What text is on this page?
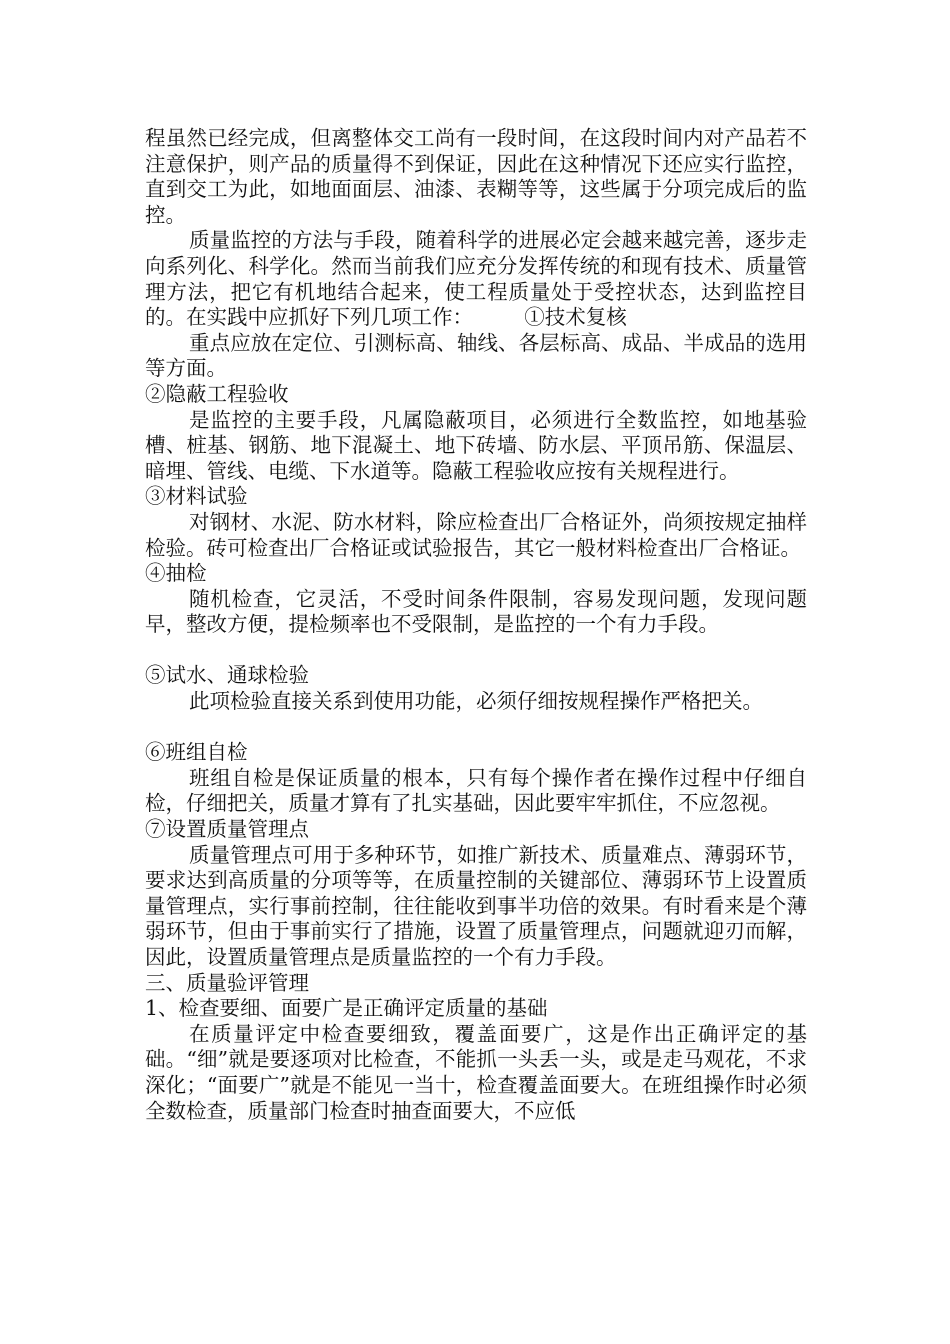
程虽然已经完成，但离整体交工尚有一段时间，在这段时间内对产品若不注意保护，则产品的质量得不到保证，因此在这种情况下还应实行监控，直到交工为此，如地面面层、油漆、表糊等等，这些属于分项完成后的监控。

质量监控的方法与手段，随着科学的进展必定会越来越完善，逐步走向系列化、科学化。然而当前我们应充分发挥传统的和现有技术、质量管理方法，把它有机地结合起来，使工程质量处于受控状态，达到监控目的。在实践中应抓好下列几项工作：　　　①技术复核

重点应放在定位、引测标高、轴线、各层标高、成品、半成品的选用等方面。

②隐蔽工程验收

是监控的主要手段，凡属隐蔽项目，必须进行全数监控，如地基验槽、桩基、钢筋、地下混凝土、地下砖墙、防水层、平顶吊筋、保温层、暗埋、管线、电缆、下水道等。隐蔽工程验收应按有关规程进行。

③材料试验

对钢材、水泥、防水材料，除应检查出厂合格证外，尚须按规定抽样检验。砖可检查出厂合格证或试验报告，其它一般材料检查出厂合格证。

④抽检

随机检查，它灵活，不受时间条件限制，容易发现问题，发现问题早，整改方便，提检频率也不受限制，是监控的一个有力手段。

⑤试水、通球检验

此项检验直接关系到使用功能，必须仔细按规程操作严格把关。

⑥班组自检

班组自检是保证质量的根本，只有每个操作者在操作过程中仔细自检，仔细把关，质量才算有了扎实基础，因此要牢牢抓住，不应忽视。

⑦设置质量管理点

质量管理点可用于多种环节，如推广新技术、质量难点、薄弱环节，要求达到高质量的分项等等，在质量控制的关键部位、薄弱环节上设置质量管理点，实行事前控制，往往能收到事半功倍的效果。有时看来是个薄弱环节，但由于事前实行了措施，设置了质量管理点，问题就迎刃而解，因此，设置质量管理点是质量监控的一个有力手段。

三、质量验评管理

1、检查要细、面要广是正确评定质量的基础

在质量评定中检查要细致，覆盖面要广，这是作出正确评定的基础。“细”就是要逐项对比检查，不能抓一头丢一头，或是走马观花，不求深化；“面要广”就是不能见一当十，检查覆盖面要大。在班组操作时必须全数检查，质量部门检查时抽查面要大，不应低
